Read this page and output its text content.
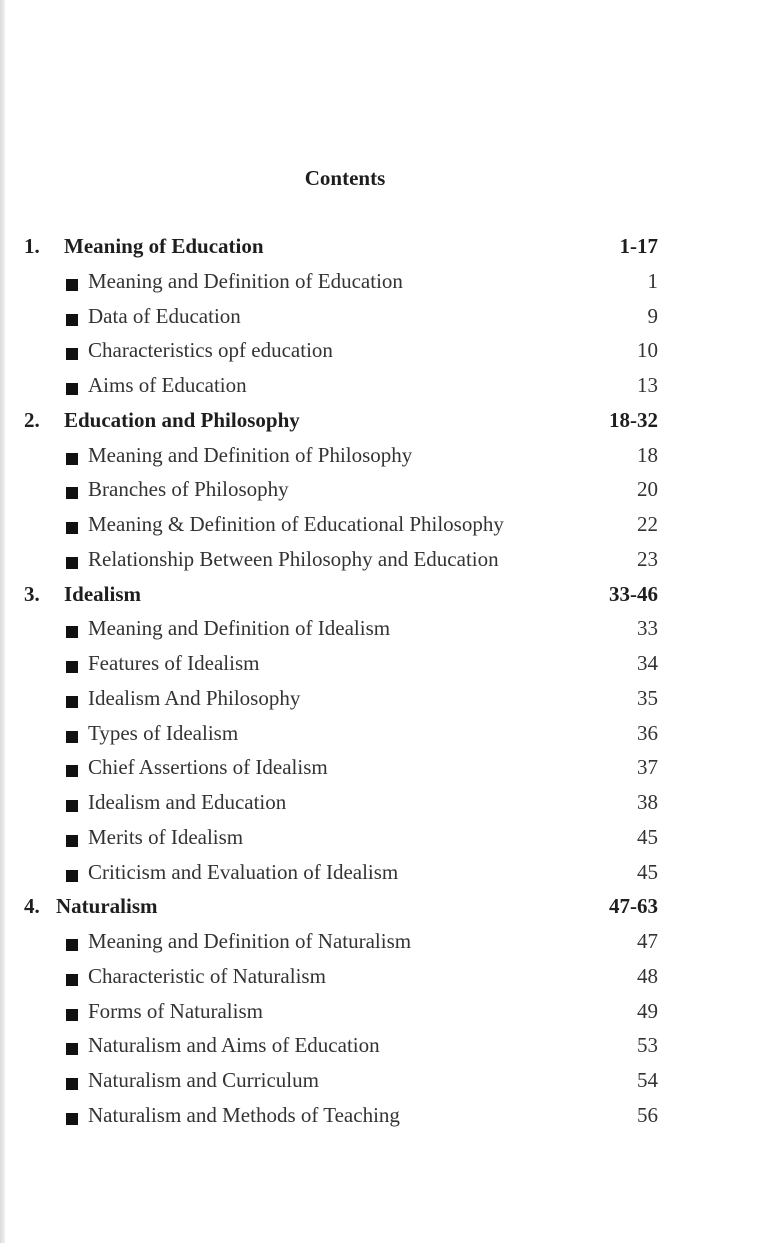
Contents
1. Meaning of Education	1-17
Meaning and Definition of Education	1
Data of Education	9
Characteristics opf education	10
Aims of Education	13
2. Education and Philosophy	18-32
Meaning and Definition of Philosophy	18
Branches of Philosophy	20
Meaning & Definition of Educational Philosophy	22
Relationship Between Philosophy and Education	23
3. Idealism	33-46
Meaning and Definition of Idealism	33
Features of Idealism	34
Idealism And Philosophy	35
Types of Idealism	36
Chief Assertions of Idealism	37
Idealism and Education	38
Merits of Idealism	45
Criticism and Evaluation of Idealism	45
4. Naturalism	47-63
Meaning and Definition of Naturalism	47
Characteristic of Naturalism	48
Forms of Naturalism	49
Naturalism and Aims of Education	53
Naturalism and Curriculum	54
Naturalism and Methods of Teaching	56
